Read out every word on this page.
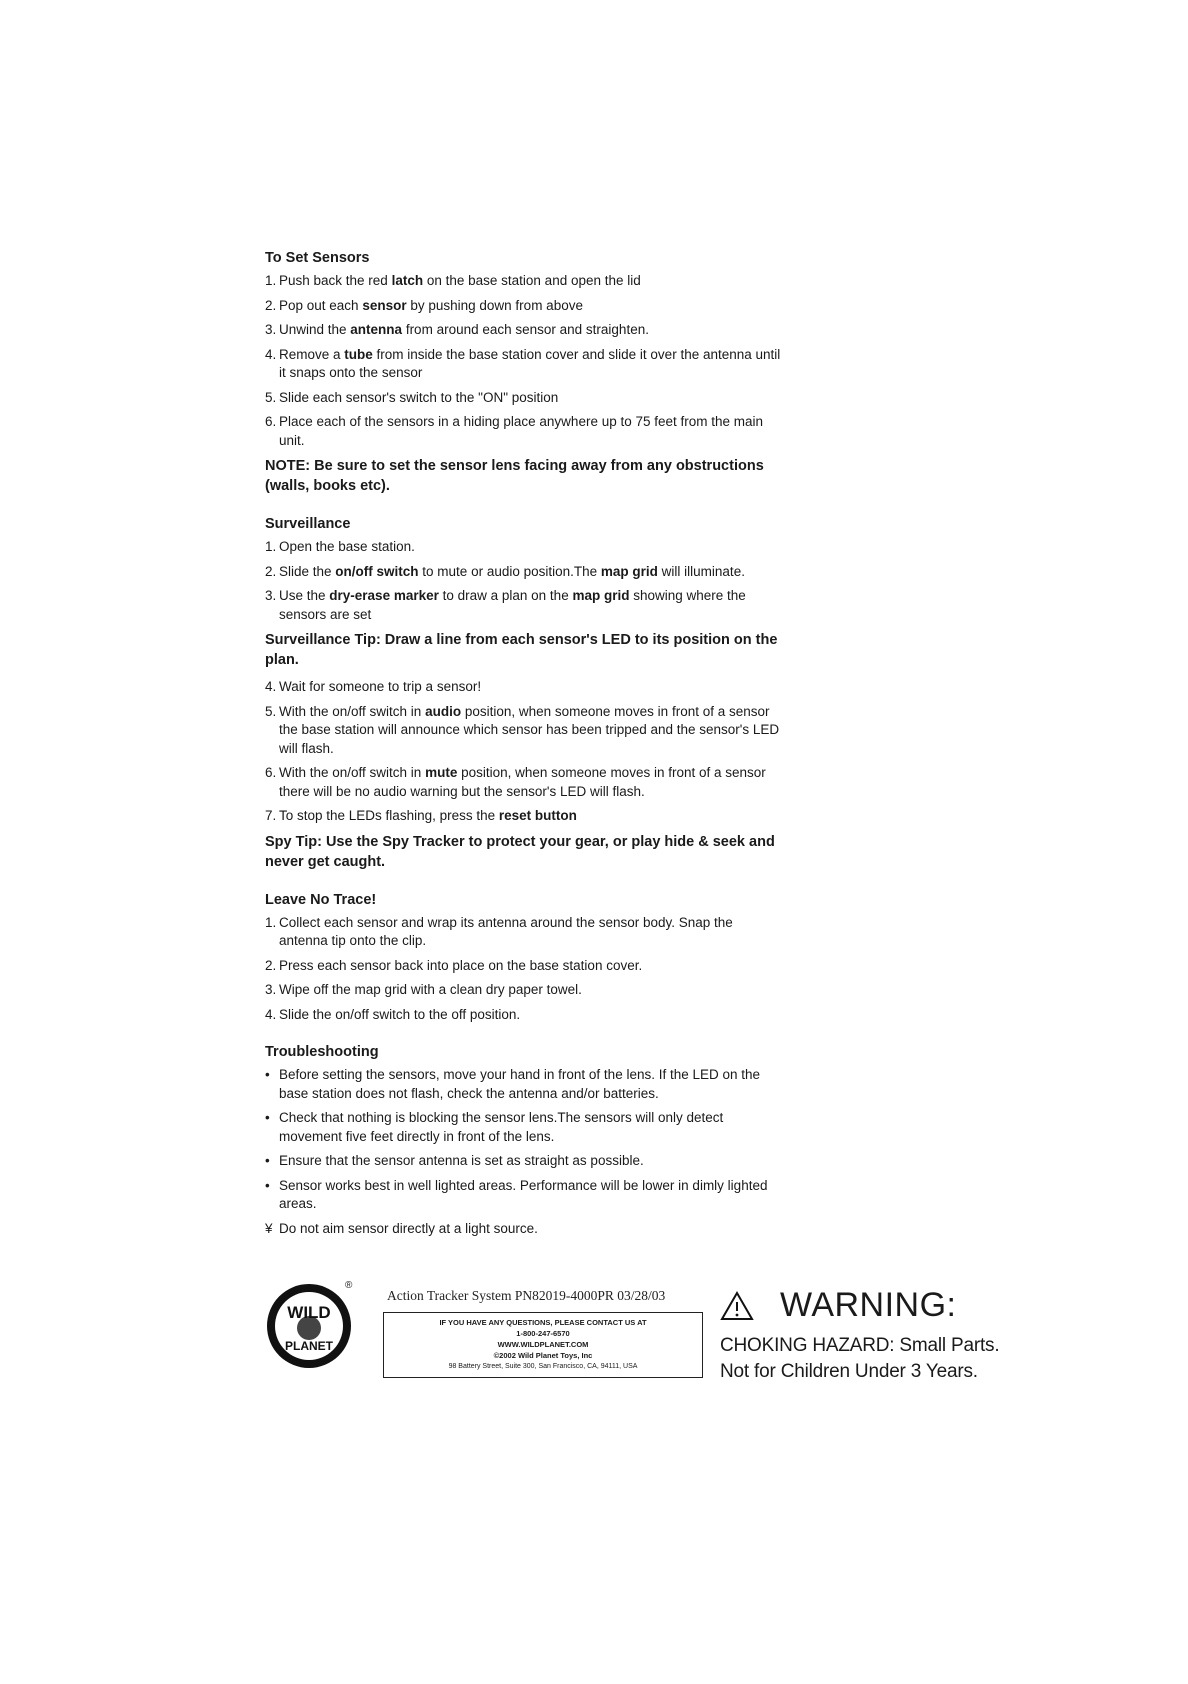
To Set Sensors
1. Push back the red latch on the base station and open the lid
2. Pop out each sensor by pushing down from above
3. Unwind the antenna from around each sensor and straighten.
4. Remove a tube from inside the base station cover and slide it over the antenna until it snaps onto the sensor
5. Slide each sensor's switch to the "ON" position
6. Place each of the sensors in a hiding place anywhere up to 75 feet from the main unit.
NOTE: Be sure to set the sensor lens facing away from any obstructions (walls, books etc).
Surveillance
1. Open the base station.
2. Slide the on/off switch to mute or audio position.The map grid will illuminate.
3. Use the dry-erase marker to draw a plan on the map grid showing where the sensors are set
Surveillance Tip: Draw a line from each sensor's LED to its position on the plan.
4. Wait for someone to trip a sensor!
5. With the on/off switch in audio position, when someone moves in front of a sensor the base station will announce which sensor has been tripped and the sensor's LED will flash.
6. With the on/off switch in mute position, when someone moves in front of a sensor there will be no audio warning but the sensor's LED will flash.
7. To stop the LEDs flashing, press the reset button
Spy Tip: Use the Spy Tracker to protect your gear, or play hide & seek and never get caught.
Leave No Trace!
1. Collect each sensor and wrap its antenna around the sensor body. Snap the antenna tip onto the clip.
2. Press each sensor back into place on the base station cover.
3. Wipe off the map grid with a clean dry paper towel.
4. Slide the on/off switch to the off position.
Troubleshooting
• Before setting the sensors, move your hand in front of the lens. If the LED on the base station does not flash, check the antenna and/or batteries.
• Check that nothing is blocking the sensor lens.The sensors will only detect movement five feet directly in front of the lens.
• Ensure that the sensor antenna is set as straight as possible.
• Sensor works best in well lighted areas. Performance will be lower in dimly lighted areas.
¥ Do not aim sensor directly at a light source.
WILD
PLANET
®
Action Tracker System PN82019-4000PR 03/28/03
IF YOU HAVE ANY QUESTIONS, PLEASE CONTACT US AT
1-800-247-6570
WWW.WILDPLANET.COM
©2002 Wild Planet Toys, Inc
98 Battery Street, Suite 300, San Francisco, CA, 94111, USA
WARNING:
CHOKING HAZARD: Small Parts.
Not for Children Under 3 Years.
